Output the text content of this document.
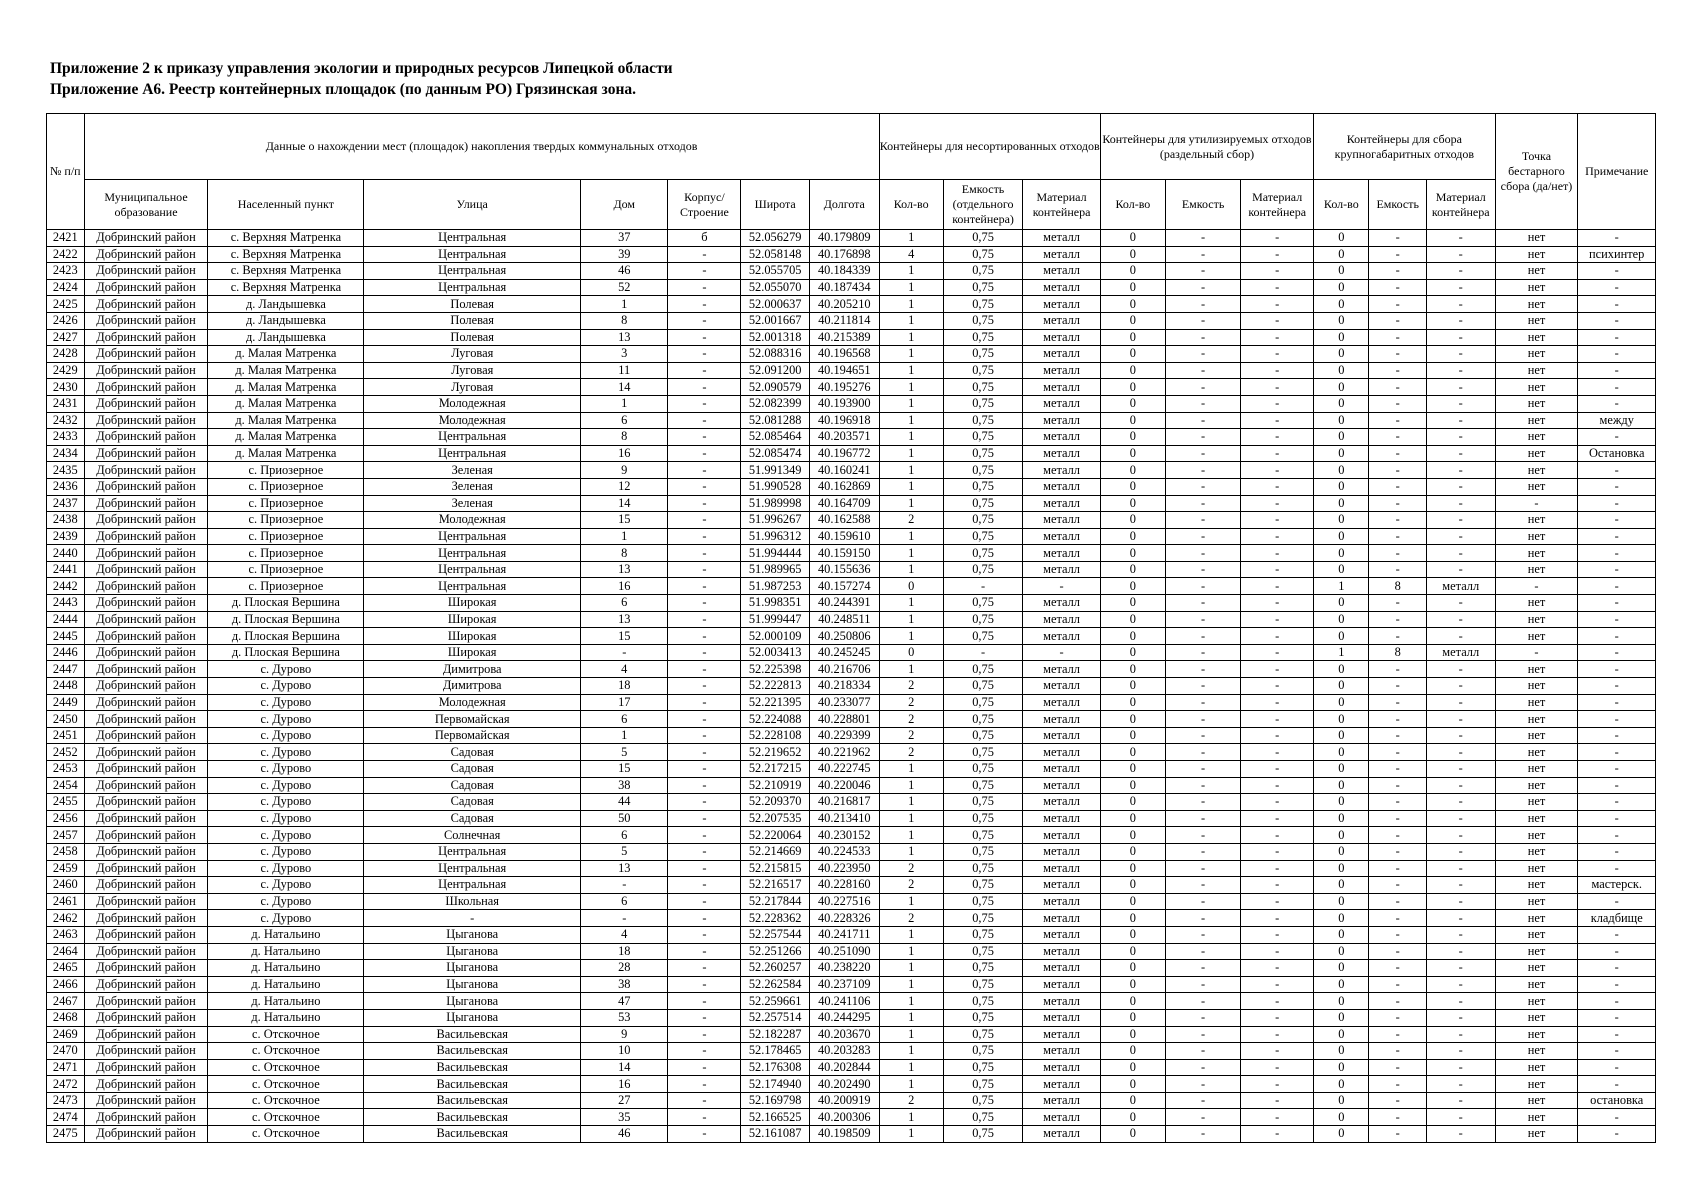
Приложение 2 к приказу управления экологии и природных ресурсов Липецкой области
Приложение А6. Реестр контейнерных площадок (по данным РО) Грязинская зона.
№ п/п	Данные о нахождении мест (площадок) накопления твердых коммунальных отходов							Контейнеры для несортированных отходов			Контейнеры для утилизируемых отходов (раздельный сбор)			Контейнеры для сбора крупногабаритных отходов			Точка бестарного сбора (да/нет)	Примечание
	Муниципальное образование	Населенный пункт	Улица	Дом	Корпус/ Строение	Широта	Долгота	Кол-во	Емкость (отдельного контейнера)	Материал контейнера	Кол-во	Емкость	Материал контейнера	Кол-во	Емкость	Материал контейнера		
2421	Добринский район	с. Верхняя Матренка	Центральная	37	б	52.056279	40.179809	1	0,75	металл	0	-	-	0	-	-	нет	-
2422	Добринский район	с. Верхняя Матренка	Центральная	39	-	52.058148	40.176898	4	0,75	металл	0	-	-	0	-	-	нет	психинтер
2423	Добринский район	с. Верхняя Матренка	Центральная	46	-	52.055705	40.184339	1	0,75	металл	0	-	-	0	-	-	нет	-
2424	Добринский район	с. Верхняя Матренка	Центральная	52	-	52.055070	40.187434	1	0,75	металл	0	-	-	0	-	-	нет	-
2425	Добринский район	д. Ландышевка	Полевая	1	-	52.000637	40.205210	1	0,75	металл	0	-	-	0	-	-	нет	-
2426	Добринский район	д. Ландышевка	Полевая	8	-	52.001667	40.211814	1	0,75	металл	0	-	-	0	-	-	нет	-
2427	Добринский район	д. Ландышевка	Полевая	13	-	52.001318	40.215389	1	0,75	металл	0	-	-	0	-	-	нет	-
2428	Добринский район	д. Малая Матренка	Луговая	3	-	52.088316	40.196568	1	0,75	металл	0	-	-	0	-	-	нет	-
2429	Добринский район	д. Малая Матренка	Луговая	11	-	52.091200	40.194651	1	0,75	металл	0	-	-	0	-	-	нет	-
2430	Добринский район	д. Малая Матренка	Луговая	14	-	52.090579	40.195276	1	0,75	металл	0	-	-	0	-	-	нет	-
2431	Добринский район	д. Малая Матренка	Молодежная	1	-	52.082399	40.193900	1	0,75	металл	0	-	-	0	-	-	нет	-
2432	Добринский район	д. Малая Матренка	Молодежная	6	-	52.081288	40.196918	1	0,75	металл	0	-	-	0	-	-	нет	между
2433	Добринский район	д. Малая Матренка	Центральная	8	-	52.085464	40.203571	1	0,75	металл	0	-	-	0	-	-	нет	-
2434	Добринский район	д. Малая Матренка	Центральная	16	-	52.085474	40.196772	1	0,75	металл	0	-	-	0	-	-	нет	Остановка
2435	Добринский район	с. Приозерное	Зеленая	9	-	51.991349	40.160241	1	0,75	металл	0	-	-	0	-	-	нет	-
2436	Добринский район	с. Приозерное	Зеленая	12	-	51.990528	40.162869	1	0,75	металл	0	-	-	0	-	-	нет	-
2437	Добринский район	с. Приозерное	Зеленая	14	-	51.989998	40.164709	1	0,75	металл	0	-	-	0	-	-	-	-
2438	Добринский район	с. Приозерное	Молодежная	15	-	51.996267	40.162588	2	0,75	металл	0	-	-	0	-	-	нет	-
2439	Добринский район	с. Приозерное	Центральная	1	-	51.996312	40.159610	1	0,75	металл	0	-	-	0	-	-	нет	-
2440	Добринский район	с. Приозерное	Центральная	8	-	51.994444	40.159150	1	0,75	металл	0	-	-	0	-	-	нет	-
2441	Добринский район	с. Приозерное	Центральная	13	-	51.989965	40.155636	1	0,75	металл	0	-	-	0	-	-	нет	-
2442	Добринский район	с. Приозерное	Центральная	16	-	51.987253	40.157274	0	-	-	0	-	-	1	8	металл	-	-
2443	Добринский район	д. Плоская Вершина	Широкая	6	-	51.998351	40.244391	1	0,75	металл	0	-	-	0	-	-	нет	-
2444	Добринский район	д. Плоская Вершина	Широкая	13	-	51.999447	40.248511	1	0,75	металл	0	-	-	0	-	-	нет	-
2445	Добринский район	д. Плоская Вершина	Широкая	15	-	52.000109	40.250806	1	0,75	металл	0	-	-	0	-	-	нет	-
2446	Добринский район	д. Плоская Вершина	Широкая	-	-	52.003413	40.245245	0	-	-	0	-	-	1	8	металл	-	-
2447	Добринский район	с. Дурово	Димитрова	4	-	52.225398	40.216706	1	0,75	металл	0	-	-	0	-	-	нет	-
2448	Добринский район	с. Дурово	Димитрова	18	-	52.222813	40.218334	2	0,75	металл	0	-	-	0	-	-	нет	-
2449	Добринский район	с. Дурово	Молодежная	17	-	52.221395	40.233077	2	0,75	металл	0	-	-	0	-	-	нет	-
2450	Добринский район	с. Дурово	Первомайская	6	-	52.224088	40.228801	2	0,75	металл	0	-	-	0	-	-	нет	-
2451	Добринский район	с. Дурово	Первомайская	1	-	52.228108	40.229399	2	0,75	металл	0	-	-	0	-	-	нет	-
2452	Добринский район	с. Дурово	Садовая	5	-	52.219652	40.221962	2	0,75	металл	0	-	-	0	-	-	нет	-
2453	Добринский район	с. Дурово	Садовая	15	-	52.217215	40.222745	1	0,75	металл	0	-	-	0	-	-	нет	-
2454	Добринский район	с. Дурово	Садовая	38	-	52.210919	40.220046	1	0,75	металл	0	-	-	0	-	-	нет	-
2455	Добринский район	с. Дурово	Садовая	44	-	52.209370	40.216817	1	0,75	металл	0	-	-	0	-	-	нет	-
2456	Добринский район	с. Дурово	Садовая	50	-	52.207535	40.213410	1	0,75	металл	0	-	-	0	-	-	нет	-
2457	Добринский район	с. Дурово	Солнечная	6	-	52.220064	40.230152	1	0,75	металл	0	-	-	0	-	-	нет	-
2458	Добринский район	с. Дурово	Центральная	5	-	52.214669	40.224533	1	0,75	металл	0	-	-	0	-	-	нет	-
2459	Добринский район	с. Дурово	Центральная	13	-	52.215815	40.223950	2	0,75	металл	0	-	-	0	-	-	нет	-
2460	Добринский район	с. Дурово	Центральная	-	-	52.216517	40.228160	2	0,75	металл	0	-	-	0	-	-	нет	мастерск.
2461	Добринский район	с. Дурово	Школьная	6	-	52.217844	40.227516	1	0,75	металл	0	-	-	0	-	-	нет	-
2462	Добринский район	с. Дурово	-	-	-	52.228362	40.228326	2	0,75	металл	0	-	-	0	-	-	нет	кладбище
2463	Добринский район	д. Натальино	Цыганова	4	-	52.257544	40.241711	1	0,75	металл	0	-	-	0	-	-	нет	-
2464	Добринский район	д. Натальино	Цыганова	18	-	52.251266	40.251090	1	0,75	металл	0	-	-	0	-	-	нет	-
2465	Добринский район	д. Натальино	Цыганова	28	-	52.260257	40.238220	1	0,75	металл	0	-	-	0	-	-	нет	-
2466	Добринский район	д. Натальино	Цыганова	38	-	52.262584	40.237109	1	0,75	металл	0	-	-	0	-	-	нет	-
2467	Добринский район	д. Натальино	Цыганова	47	-	52.259661	40.241106	1	0,75	металл	0	-	-	0	-	-	нет	-
2468	Добринский район	д. Натальино	Цыганова	53	-	52.257514	40.244295	1	0,75	металл	0	-	-	0	-	-	нет	-
2469	Добринский район	с. Отскочное	Васильевская	9	-	52.182287	40.203670	1	0,75	металл	0	-	-	0	-	-	нет	-
2470	Добринский район	с. Отскочное	Васильевская	10	-	52.178465	40.203283	1	0,75	металл	0	-	-	0	-	-	нет	-
2471	Добринский район	с. Отскочное	Васильевская	14	-	52.176308	40.202844	1	0,75	металл	0	-	-	0	-	-	нет	-
2472	Добринский район	с. Отскочное	Васильевская	16	-	52.174940	40.202490	1	0,75	металл	0	-	-	0	-	-	нет	-
2473	Добринский район	с. Отскочное	Васильевская	27	-	52.169798	40.200919	2	0,75	металл	0	-	-	0	-	-	нет	остановка
2474	Добринский район	с. Отскочное	Васильевская	35	-	52.166525	40.200306	1	0,75	металл	0	-	-	0	-	-	нет	-
2475	Добринский район	с. Отскочное	Васильевская	46	-	52.161087	40.198509	1	0,75	металл	0	-	-	0	-	-	нет	-
